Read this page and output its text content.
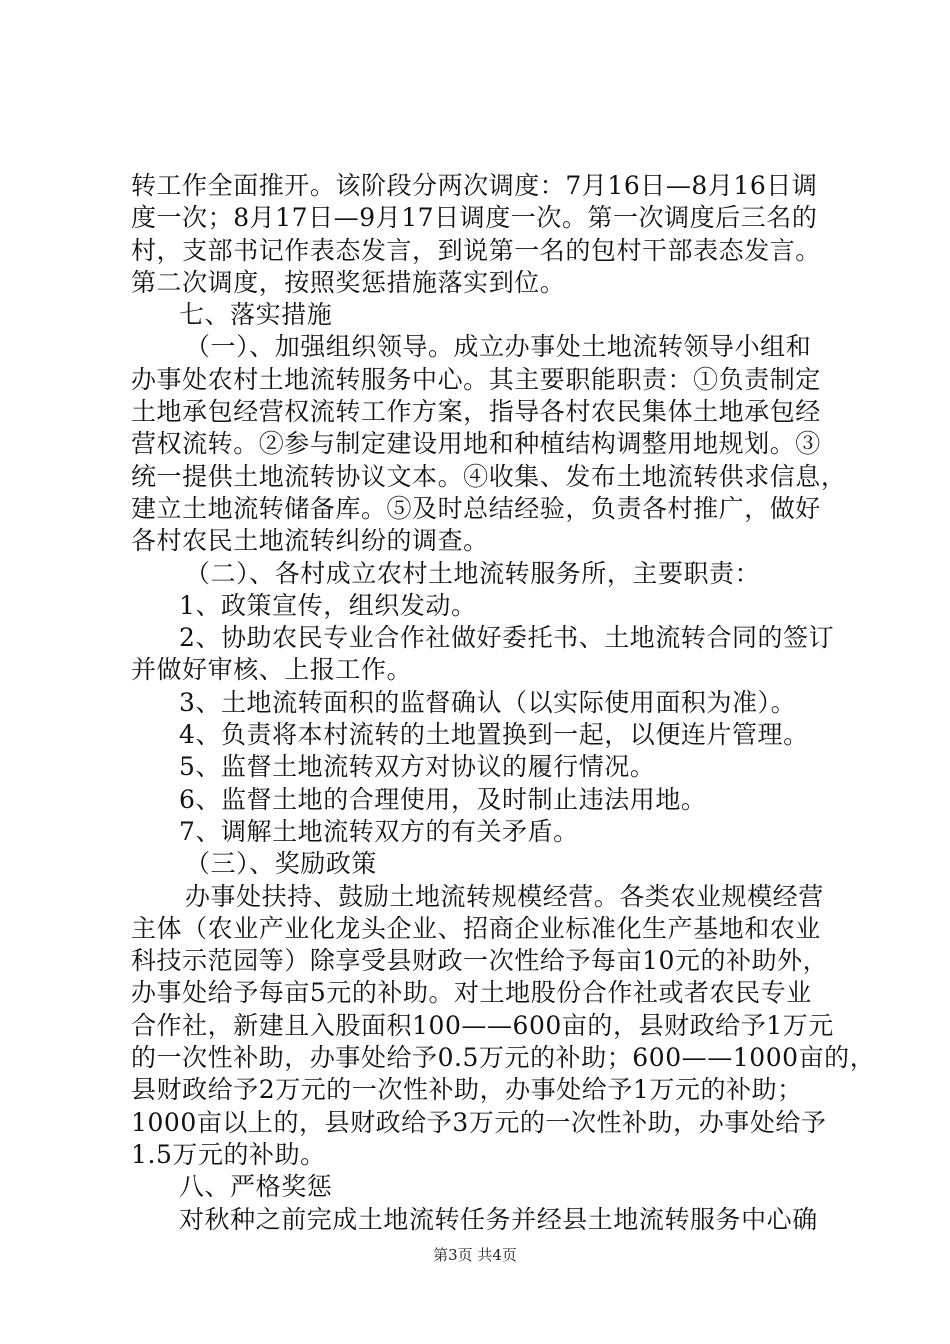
转工作全面推开。该阶段分两次调度：7月16日—8月16日调
度一次；8月17日—9月17日调度一次。第一次调度后三名的
村，支部书记作表态发言，到说第一名的包村干部表态发言。
第二次调度，按照奖惩措施落实到位。
七、落实措施
（一）、加强组织领导。成立办事处土地流转领导小组和
办事处农村土地流转服务中心。其主要职能职责：①负责制定
土地承包经营权流转工作方案，指导各村农民集体土地承包经
营权流转。②参与制定建设用地和种植结构调整用地规划。③
统一提供土地流转协议文本。④收集、发布土地流转供求信息，
建立土地流转储备库。⑤及时总结经验，负责各村推广，做好
各村农民土地流转纠纷的调查。
（二）、各村成立农村土地流转服务所，主要职责：
1、政策宣传，组织发动。
2、协助农民专业合作社做好委托书、土地流转合同的签订
并做好审核、上报工作。
3、土地流转面积的监督确认（以实际使用面积为准）。
4、负责将本村流转的土地置换到一起，以便连片管理。
5、监督土地流转双方对协议的履行情况。
6、监督土地的合理使用，及时制止违法用地。
7、调解土地流转双方的有关矛盾。
（三）、奖励政策
办事处扶持、鼓励土地流转规模经营。各类农业规模经营
主体（农业产业化龙头企业、招商企业标准化生产基地和农业
科技示范园等）除享受县财政一次性给予每亩10元的补助外，
办事处给予每亩5元的补助。对土地股份合作社或者农民专业
合作社，新建且入股面积100——600亩的，县财政给予1万元
的一次性补助，办事处给予0.5万元的补助；600——1000亩的，
县财政给予2万元的一次性补助，办事处给予1万元的补助；
1000亩以上的，县财政给予3万元的一次性补助，办事处给予
1.5万元的补助。
八、严格奖惩
对秋种之前完成土地流转任务并经县土地流转服务中心确
第3页 共4页
